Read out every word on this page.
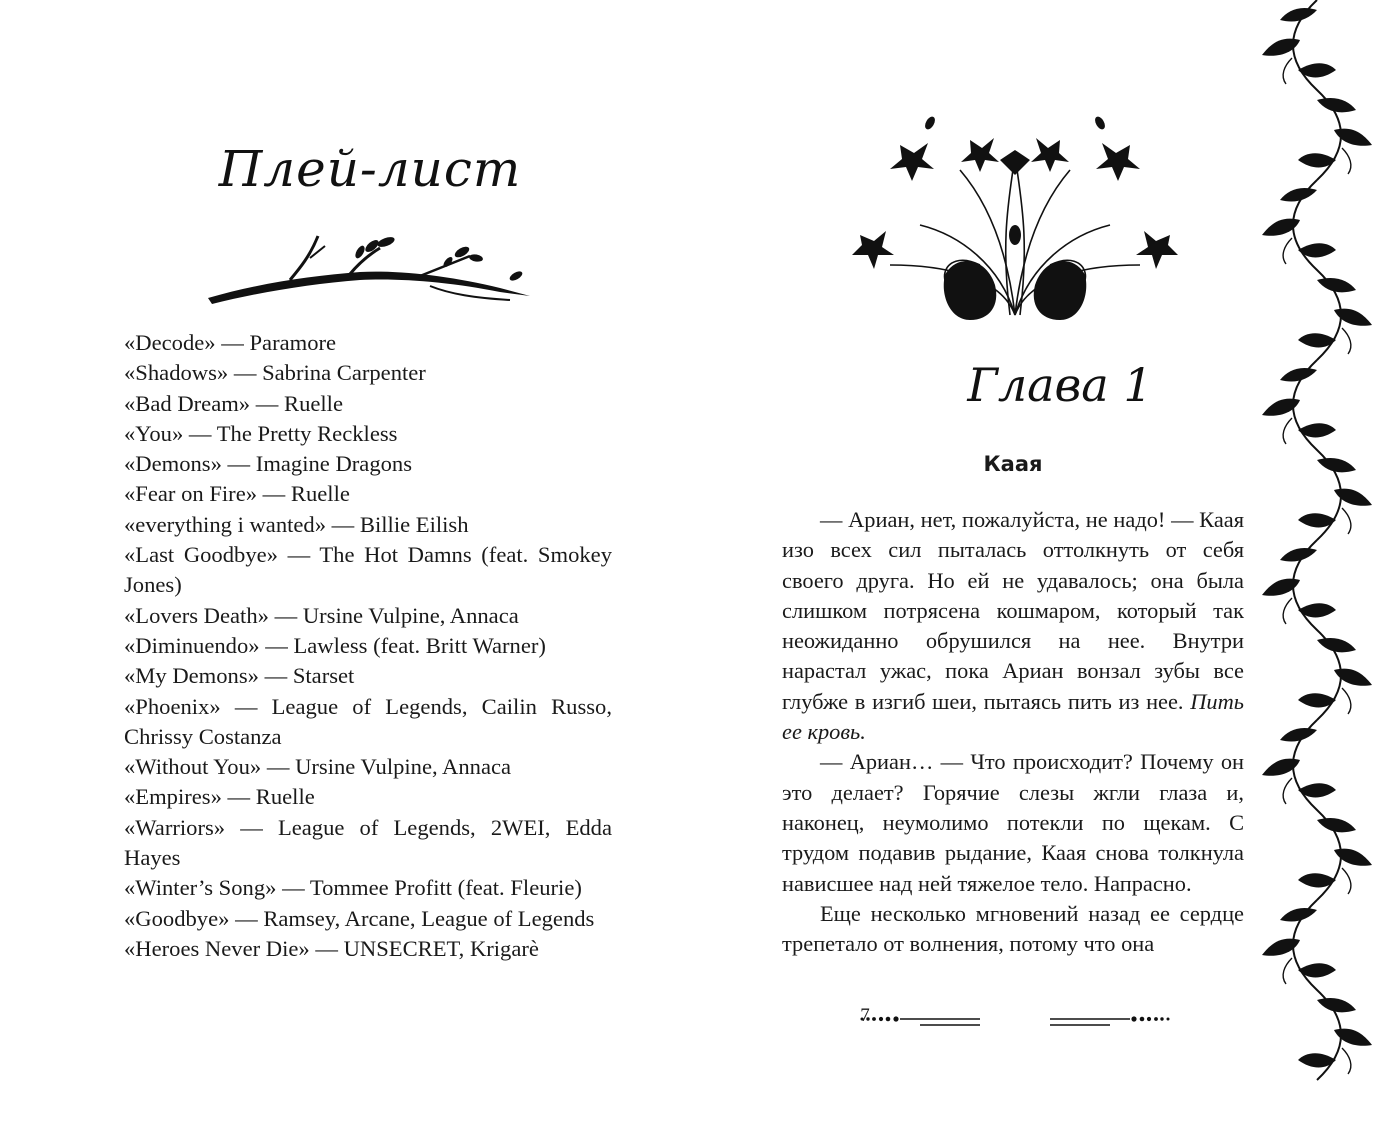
Плей-лист
«Decode» — Paramore
«Shadows» — Sabrina Carpenter
«Bad Dream» — Ruelle
«You» — The Pretty Reckless
«Demons» — Imagine Dragons
«Fear on Fire» — Ruelle
«everything i wanted» — Billie Eilish
«Last Goodbye» — The Hot Damns (feat. Smokey Jones)
«Lovers Death» — Ursine Vulpine, Annaca
«Diminuendo» — Lawless (feat. Britt Warner)
«My Demons» — Starset
«Phoenix» — League of Legends, Cailin Russo, Chrissy Costanza
«Without You» — Ursine Vulpine, Annaca
«Empires» — Ruelle
«Warriors» — League of Legends, 2WEI, Edda Hayes
«Winter’s Song» — Tommee Profitt (feat. Fleurie)
«Goodbye» — Ramsey, Arcane, League of Legends
«Heroes Never Die» — UNSECRET, Krigarè
Глава 1
Каая

— Ариан, нет, пожалуйста, не надо! — Каая изо всех сил пыталась оттолкнуть от себя своего друга. Но ей не удавалось; она была слишком потрясена кошмаром, который так неожиданно обрушился на нее. Внутри нарастал ужас, пока Ариан вонзал зубы все глубже в изгиб шеи, пытаясь пить из нее. Пить ее кровь.

— Ариан… — Что происходит? Почему он это делает? Горячие слезы жгли глаза и, наконец, неумолимо потекли по щекам. С трудом подавив рыдание, Каая снова толкнула нависшее над ней тяжелое тело. Напрасно.

Еще несколько мгновений назад ее сердце трепетало от волнения, потому что она

7
